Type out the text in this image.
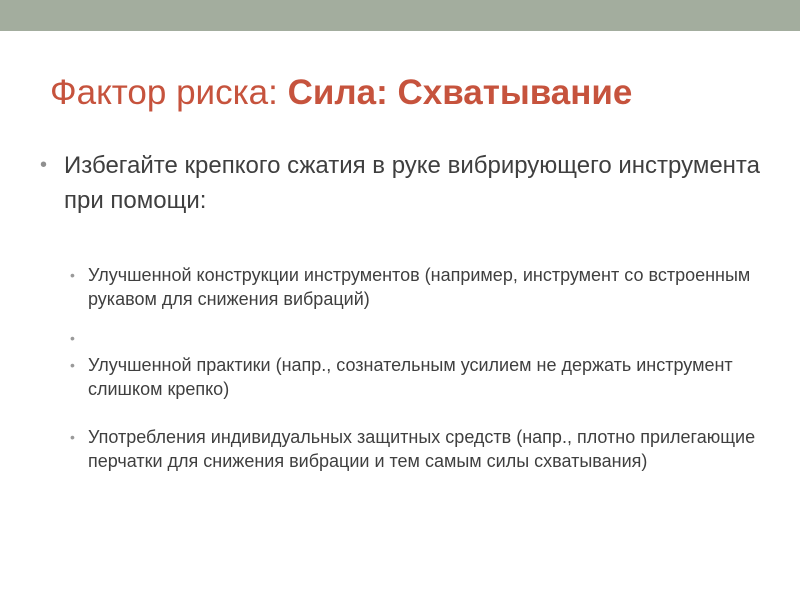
Фактор риска: Сила: Схватывание
• Избегайте крепкого сжатия в руке вибрирующего инструмента при помощи:
• Улучшенной конструкции инструментов (например, инструмент со встроенным рукавом для снижения вибраций)
•
• Улучшенной практики (напр., сознательным усилием не держать инструмент слишком крепко)
• Употребления индивидуальных защитных средств (напр., плотно прилегающие перчатки для снижения вибрации и тем самым силы схватывания)
